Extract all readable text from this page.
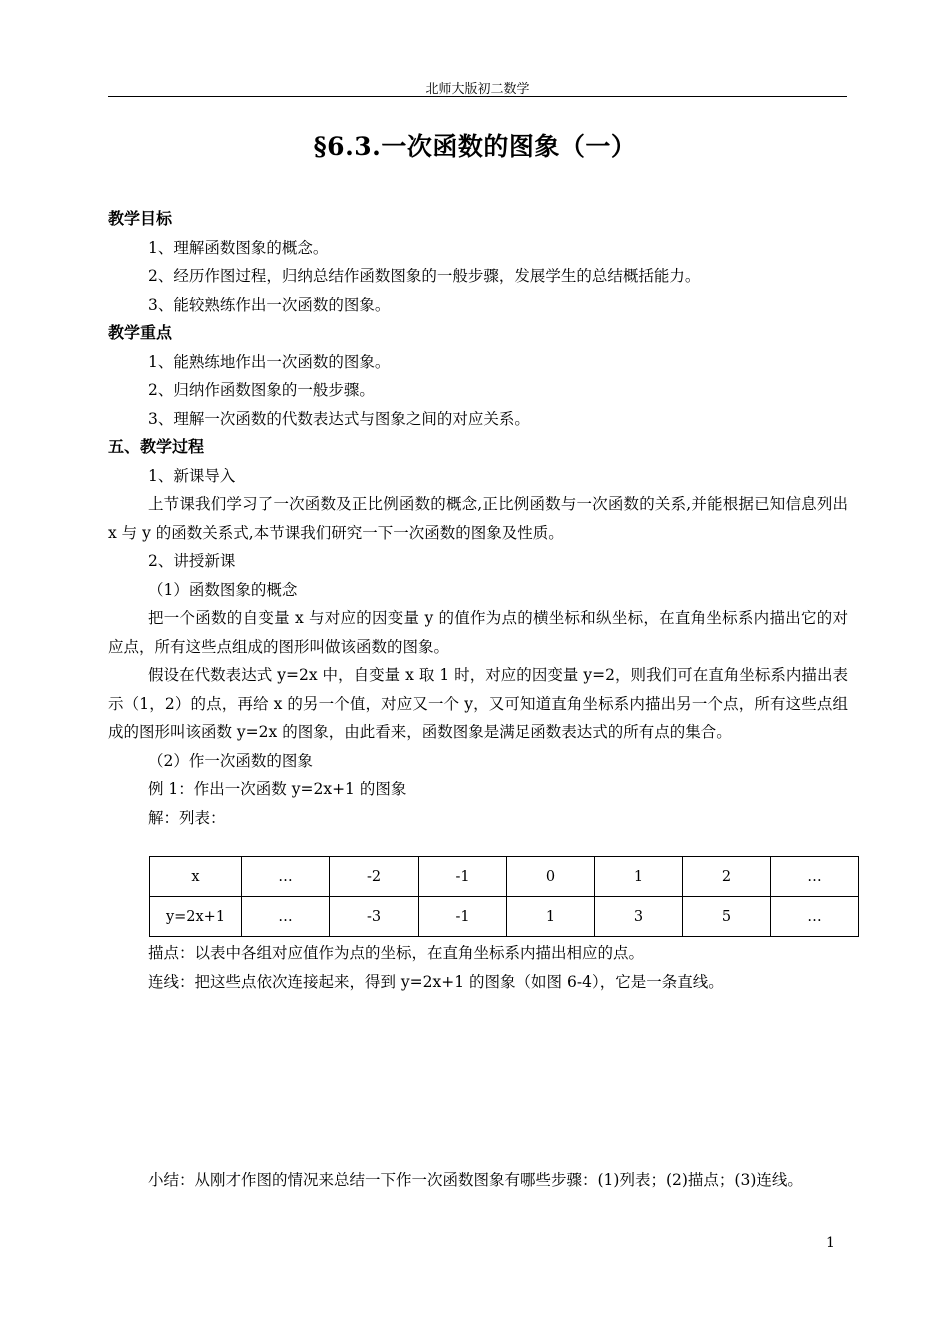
北师大版初二数学
§6.3.一次函数的图象（一）

教学目标

1、理解函数图象的概念。

2、经历作图过程，归纳总结作函数图象的一般步骤，发展学生的总结概括能力。

3、能较熟练作出一次函数的图象。

教学重点

1、能熟练地作出一次函数的图象。

2、归纳作函数图象的一般步骤。

3、理解一次函数的代数表达式与图象之间的对应关系。

五、教学过程

1、新课导入

上节课我们学习了一次函数及正比例函数的概念,正比例函数与一次函数的关系,并能根据已知信息列出 x 与 y 的函数关系式,本节课我们研究一下一次函数的图象及性质。

2、讲授新课

（1）函数图象的概念

把一个函数的自变量 x 与对应的因变量 y 的值作为点的横坐标和纵坐标，在直角坐标系内描出它的对应点，所有这些点组成的图形叫做该函数的图象。

假设在代数表达式 y=2x 中，自变量 x 取 1 时，对应的因变量 y=2，则我们可在直角坐标系内描出表示（1，2）的点，再给 x 的另一个值，对应又一个 y，又可知道直角坐标系内描出另一个点，所有这些点组成的图形叫该函数 y=2x 的图象，由此看来，函数图象是满足函数表达式的所有点的集合。

（2）作一次函数的图象

例 1：作出一次函数 y=2x+1 的图象

解：列表：

x	…	-2	-1	0	1	2	…
y=2x+1	…	-3	-1	1	3	5	…

描点：以表中各组对应值作为点的坐标，在直角坐标系内描出相应的点。

连线：把这些点依次连接起来，得到 y=2x+1 的图象（如图 6-4），它是一条直线。

小结：从刚才作图的情况来总结一下作一次函数图象有哪些步骤：(1)列表；(2)描点；(3)连线。

1
